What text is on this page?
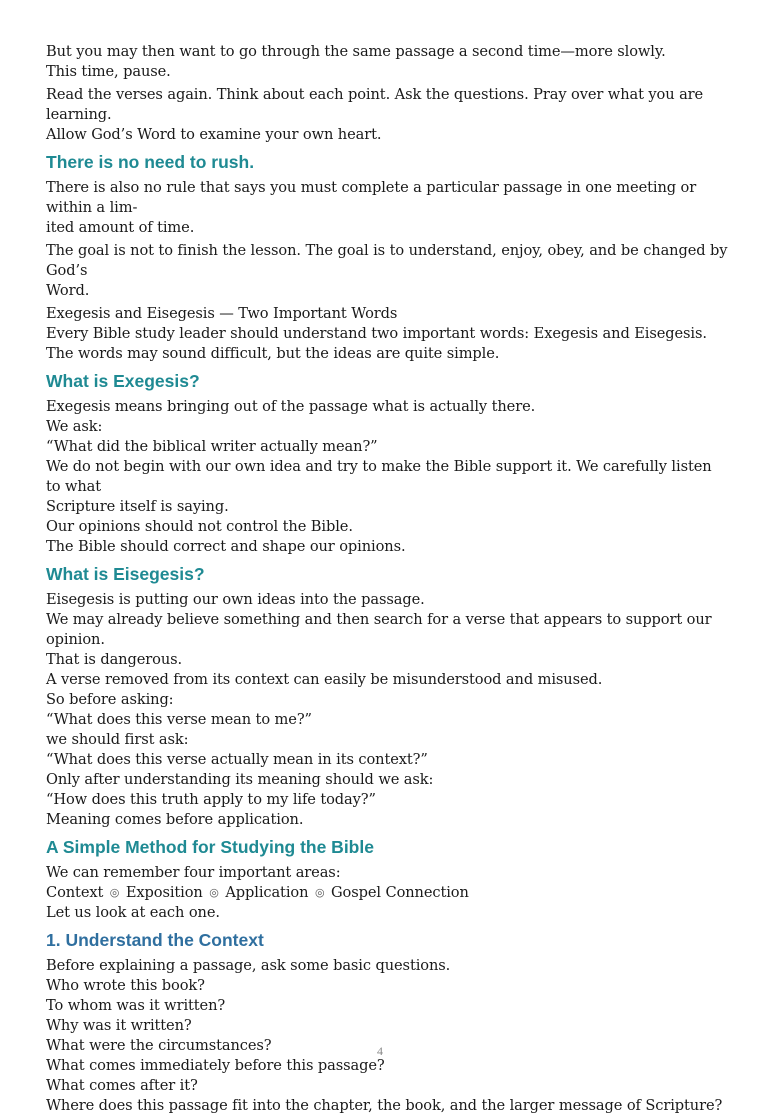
But you may then want to go through the same passage a second time—more slowly.

This time, pause.

Read the verses again. Think about each point. Ask the questions. Pray over what you are learning.

Allow God’s Word to examine your own heart.

There is no need to rush.

There is also no rule that says you must complete a particular passage in one meeting or within a lim-

ited amount of time.

The goal is not to finish the lesson. The goal is to understand, enjoy, obey, and be changed by God’s

Word.

Exegesis and Eisegesis — Two Important Words

Every Bible study leader should understand two important words: Exegesis and Eisegesis.

The words may sound difficult, but the ideas are quite simple.

What is Exegesis?

Exegesis means bringing out of the passage what is actually there.

We ask:

“What did the biblical writer actually mean?”

We do not begin with our own idea and try to make the Bible support it. We carefully listen to what

Scripture itself is saying.

Our opinions should not control the Bible.

The Bible should correct and shape our opinions.

What is Eisegesis?

Eisegesis is putting our own ideas into the passage.

We may already believe something and then search for a verse that appears to support our opinion.

That is dangerous.

A verse removed from its context can easily be misunderstood and misused.

So before asking:

“What does this verse mean to me?”

we should first ask:

“What does this verse actually mean in its context?”

Only after understanding its meaning should we ask:

“How does this truth apply to my life today?”

Meaning comes before application.

A Simple Method for Studying the Bible

We can remember four important areas:

Context ◎ Exposition ◎ Application ◎ Gospel Connection

Let us look at each one.

1. Understand the Context

Before explaining a passage, ask some basic questions.

Who wrote this book?

To whom was it written?

Why was it written?

What were the circumstances?

What comes immediately before this passage?

What comes after it?

Where does this passage fit into the chapter, the book, and the larger message of Scripture?

4
